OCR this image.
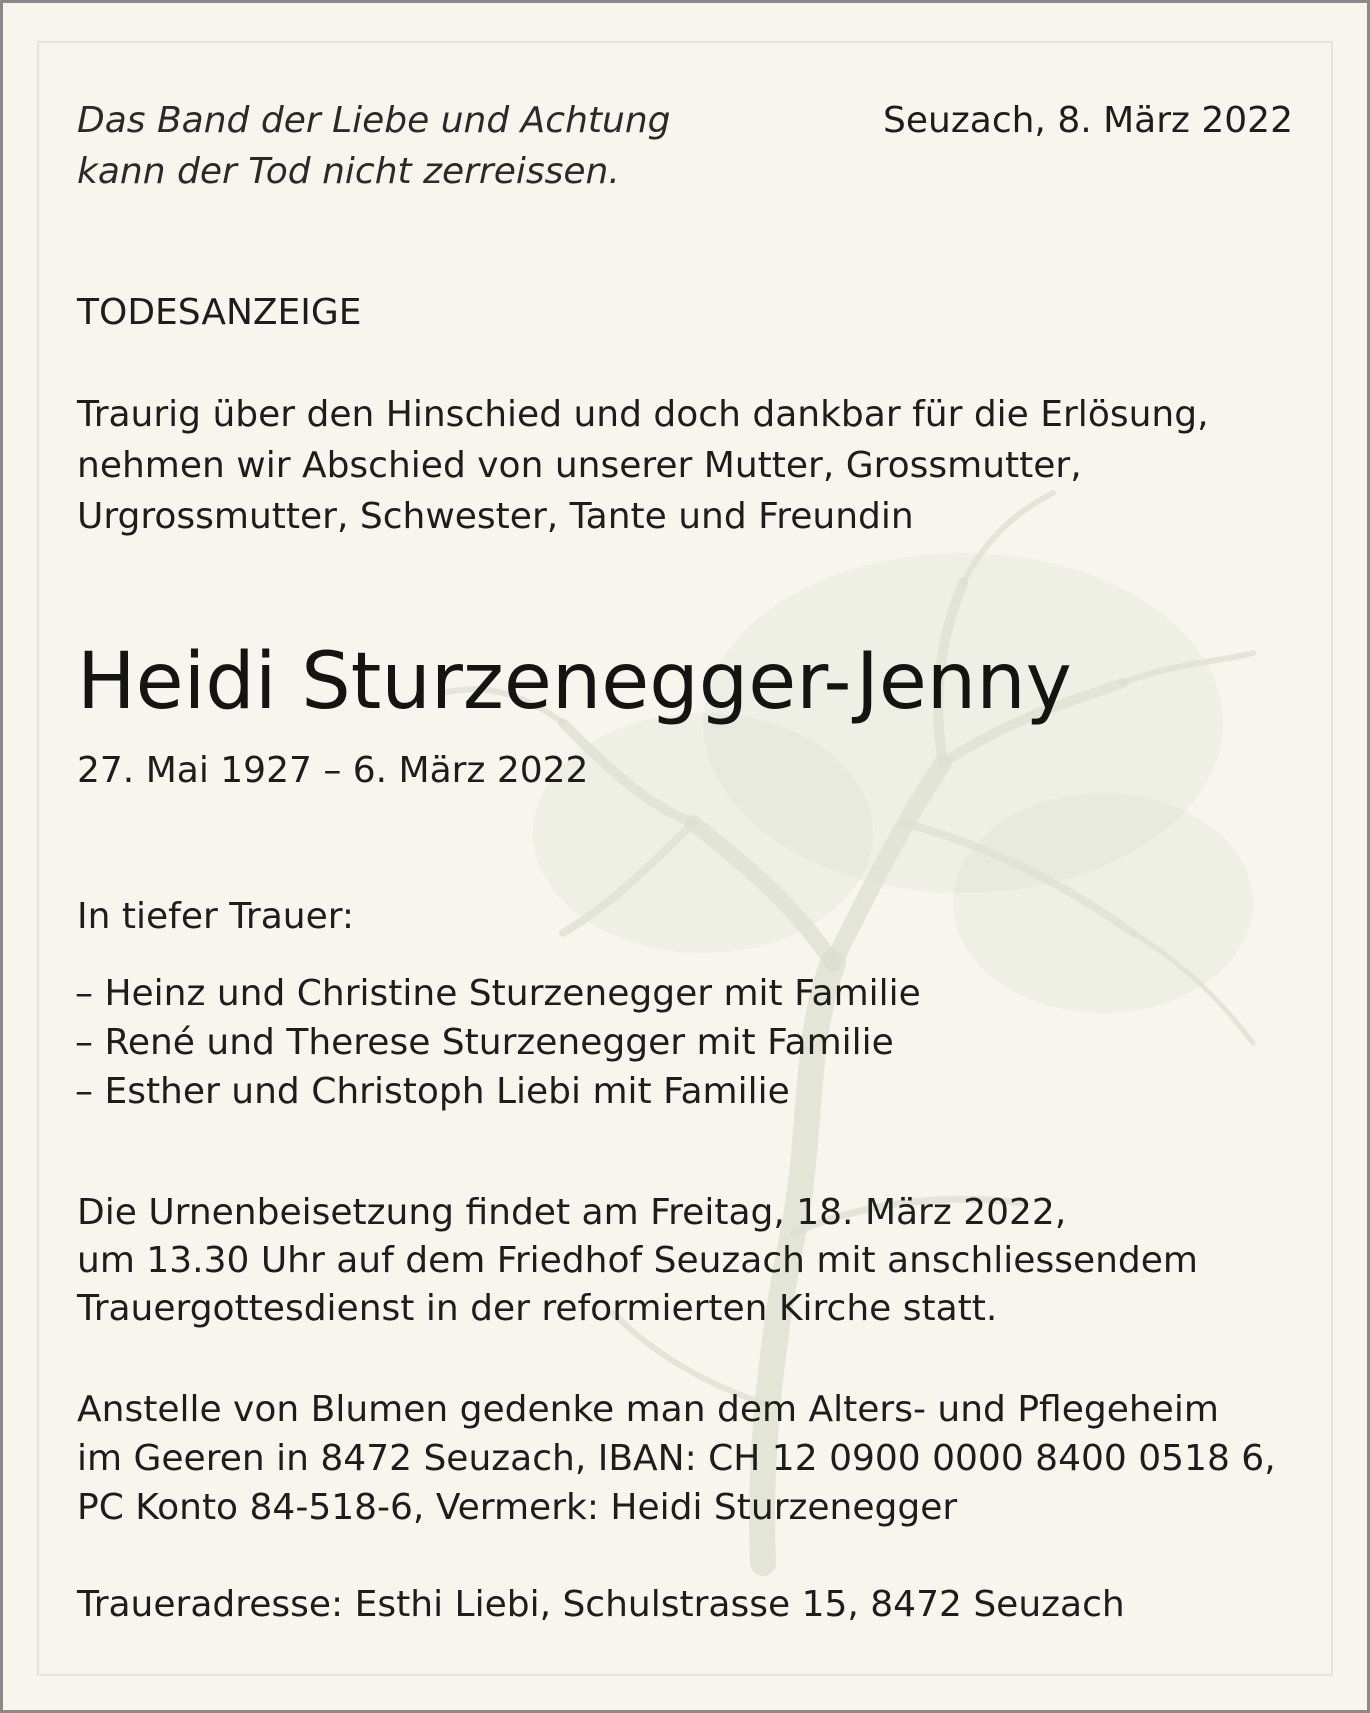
Das Band der Liebe und Achtung
kann der Tod nicht zerreissen.

Seuzach, 8. März 2022

TODESANZEIGE

Traurig über den Hinschied und doch dankbar für die Erlösung,
nehmen wir Abschied von unserer Mutter, Grossmutter,
Urgrossmutter, Schwester, Tante und Freundin

Heidi Sturzenegger-Jenny

27. Mai 1927 – 6. März 2022

In tiefer Trauer:

– Heinz und Christine Sturzenegger mit Familie
– René und Therese Sturzenegger mit Familie
– Esther und Christoph Liebi mit Familie

Die Urnenbeisetzung findet am Freitag, 18. März 2022,
um 13.30 Uhr auf dem Friedhof Seuzach mit anschliessendem
Trauergottesdienst in der reformierten Kirche statt.

Anstelle von Blumen gedenke man dem Alters- und Pflegeheim
im Geeren in 8472 Seuzach, IBAN: CH 12 0900 0000 8400 0518 6,
PC Konto 84-518-6, Vermerk: Heidi Sturzenegger

Traueradresse: Esthi Liebi, Schulstrasse 15, 8472 Seuzach
